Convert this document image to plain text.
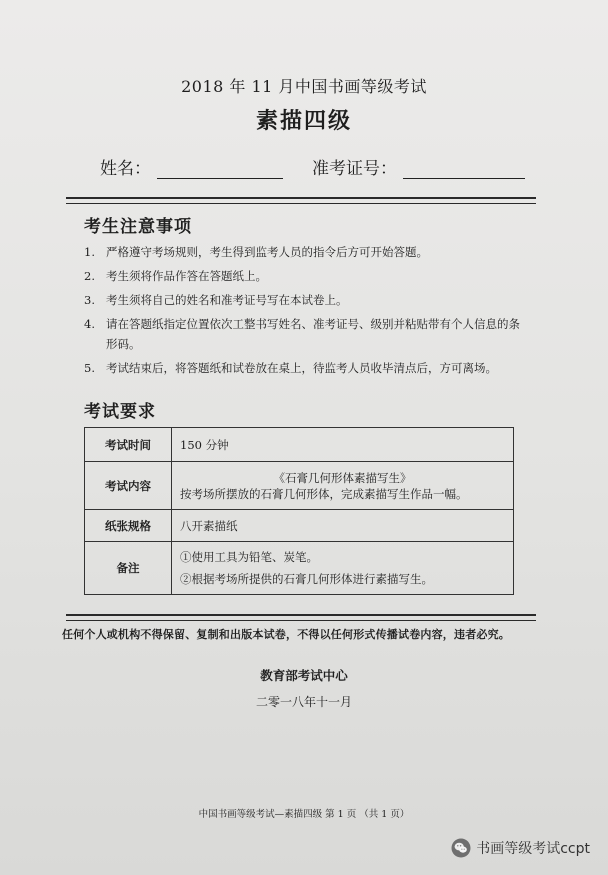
2018 年 11 月中国书画等级考试
素描四级
姓名：	准考证号：
考生注意事项
1. 严格遵守考场规则，考生得到监考人员的指令后方可开始答题。
2. 考生须将作品作答在答题纸上。
3. 考生须将自己的姓名和准考证号写在本试卷上。
4. 请在答题纸指定位置依次工整书写姓名、准考证号、级别并粘贴带有个人信息的条形码。
5. 考试结束后，将答题纸和试卷放在桌上，待监考人员收毕清点后，方可离场。
考试要求
考试时间	150 分钟
考试内容	《石膏几何形体素描写生》
按考场所摆放的石膏几何形体，完成素描写生作品一幅。

纸张规格	八开素描纸
备注	①使用工具为铅笔、炭笔。
②根据考场所提供的石膏几何形体进行素描写生。
任何个人或机构不得保留、复制和出版本试卷，不得以任何形式传播试卷内容，违者必究。
教育部考试中心
二零一八年十一月
中国书画等级考试—素描四级 第 1 页 （共 1 页）
书画等级考试ccpt
